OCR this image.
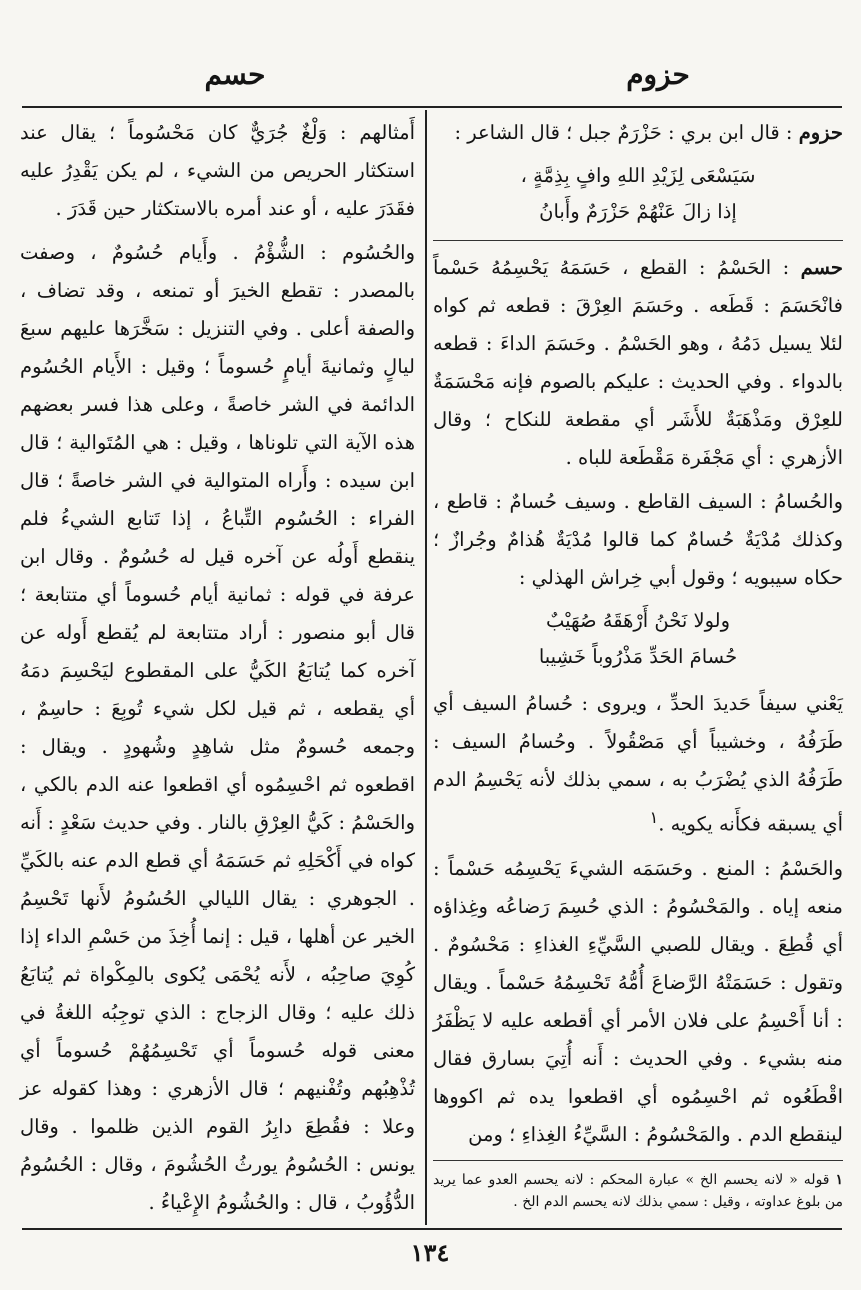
حزوم
حسم

حزوم : قال ابن بري : حَزْرَمٌ جبل ؛ قال الشاعر :

سَيَسْعَى لِزَيْدِ اللهِ وافٍ بِذِمَّةٍ ،
إذا زالَ عَنْهُمْ حَزْرَمٌ وأَبانُ

حسم : الحَسْمُ : القطع ، حَسَمَهُ يَحْسِمُهُ حَسْماً فانْحَسَمَ : قَطَعه . وحَسَمَ العِرْقَ : قطعه ثم كواه لئلا يسيل دَمُهُ ، وهو الحَسْمُ . وحَسَمَ الداءَ : قطعه بالدواء . وفي الحديث : عليكم بالصوم فإنه مَحْسَمَةٌ للعِرْق ومَذْهَبَةٌ للأَشَر أي مقطعة للنكاح ؛ وقال الأزهري : أي مَجْفَرة مَقْطَعة للباه .

والحُسامُ : السيف القاطع . وسيف حُسامٌ : قاطع ، وكذلك مُدْيَةٌ حُسامٌ كما قالوا مُدْيَةٌ هُذامٌ وجُرازٌ ؛ حكاه سيبويه ؛ وقول أبي خِراش الهذلي :

ولولا نَحْنُ أَرْهَقَهُ صُهَيْبٌ
حُسامَ الحَدِّ مَذْرُوباً خَشِيبا

يَعْني سيفاً حَديدَ الحدِّ ، ويروى : حُسامُ السيف أي طَرَفُهُ ، وخشيباً أي مَصْقُولاً . وحُسامُ السيف : طَرَفُهُ الذي يُضْرَبُ به ، سمي بذلك لأنه يَحْسِمُ الدم أي يسبقه فكأَنه يكويه .$^١$

والحَسْمُ : المنع . وحَسَمَه الشيءَ يَحْسِمُه حَسْماً : منعه إياه . والمَحْسُومُ : الذي حُسِمَ رَضاعُه وغِذاؤه أي قُطِعَ . ويقال للصبي السَّيِّءِ الغذاءِ : مَحْسُومٌ . وتقول : حَسَمَتْهُ الرَّضاعَ أُمُّهُ تَحْسِمُهُ حَسْماً . ويقال : أنا أَحْسِمُ على فلان الأمر أي أقطعه عليه لا يَظْفَرُ منه بشيء . وفي الحديث : أَنه أُتِيَ بسارق فقال اقْطَعُوه ثم احْسِمُوه أي اقطعوا يده ثم اكووها لينقطع الدم . والمَحْسُومُ : السَّيِّءُ الغِذاءِ ؛ ومن

١ قوله « لانه يحسم الخ » عبارة المحكم : لانه يحسم العدو عما يريد من بلوغ عداوته ، وقيل : سمي بذلك لانه يحسم الدم الخ .

أَمثالهم : وَلْغٌ جُرَيٌّ كان مَحْسُوماً ؛ يقال عند استكثار الحريص من الشيء ، لم يكن يَقْدِرُ عليه فقَدَرَ عليه ، أو عند أمره بالاستكثار حين قَدَرَ .

والحُسُوم : الشُّؤْمُ . وأَيام حُسُومٌ ، وصفت بالمصدر : تقطع الخيرَ أو تمنعه ، وقد تضاف ، والصفة أعلى . وفي التنزيل : سَخَّرَها عليهم سبعَ ليالٍ وثمانيةَ أيامٍ حُسوماً ؛ وقيل : الأَيام الحُسُوم الدائمة في الشر خاصةً ، وعلى هذا فسر بعضهم هذه الآية التي تلوناها ، وقيل : هي المُتَوالية ؛ قال ابن سيده : وأَراه المتوالية في الشر خاصةً ؛ قال الفراء : الحُسُوم التِّباعُ ، إذا تَتابع الشيءُ فلم ينقطع أَولُه عن آخره قيل له حُسُومٌ . وقال ابن عرفة في قوله : ثمانية أيام حُسوماً أي متتابعة ؛ قال أبو منصور : أراد متتابعة لم يُقطع أَوله عن آخره كما يُتابَعُ الكَيُّ على المقطوع ليَحْسِمَ دمَهُ أي يقطعه ، ثم قيل لكل شيء تُوبِعَ : حاسِمٌ ، وجمعه حُسومٌ مثل شاهِدٍ وشُهودٍ . ويقال : اقطعوه ثم احْسِمُوه أي اقطعوا عنه الدم بالكي ، والحَسْمُ : كَيُّ العِرْقِ بالنار . وفي حديث سَعْدٍ : أَنه كواه في أَكْحَلِهِ ثم حَسَمَهُ أي قطع الدم عنه بالكَيِّ . الجوهري : يقال الليالي الحُسُومُ لأَنها تَحْسِمُ الخير عن أهلها ، قيل : إنما أُخِذَ من حَسْمِ الداء إذا كُوِيَ صاحِبُه ، لأَنه يُحْمَى يُكوى بالمِكْواة ثم يُتابَعُ ذلك عليه ؛ وقال الزجاج : الذي توجِبُه اللغةُ في معنى قوله حُسوماً أي تَحْسِمُهُمْ حُسوماً أي تُذْهِبُهم وتُفْنيهم ؛ قال الأزهري : وهذا كقوله عز وعلا : فقُطِعَ دابِرُ القوم الذين ظلموا . وقال يونس : الحُسُومُ يورثُ الحُشُومَ ، وقال : الحُسُومُ الدُّؤُوبُ ، قال : والحُشُومُ الإِعْياءُ .

١٣٤
